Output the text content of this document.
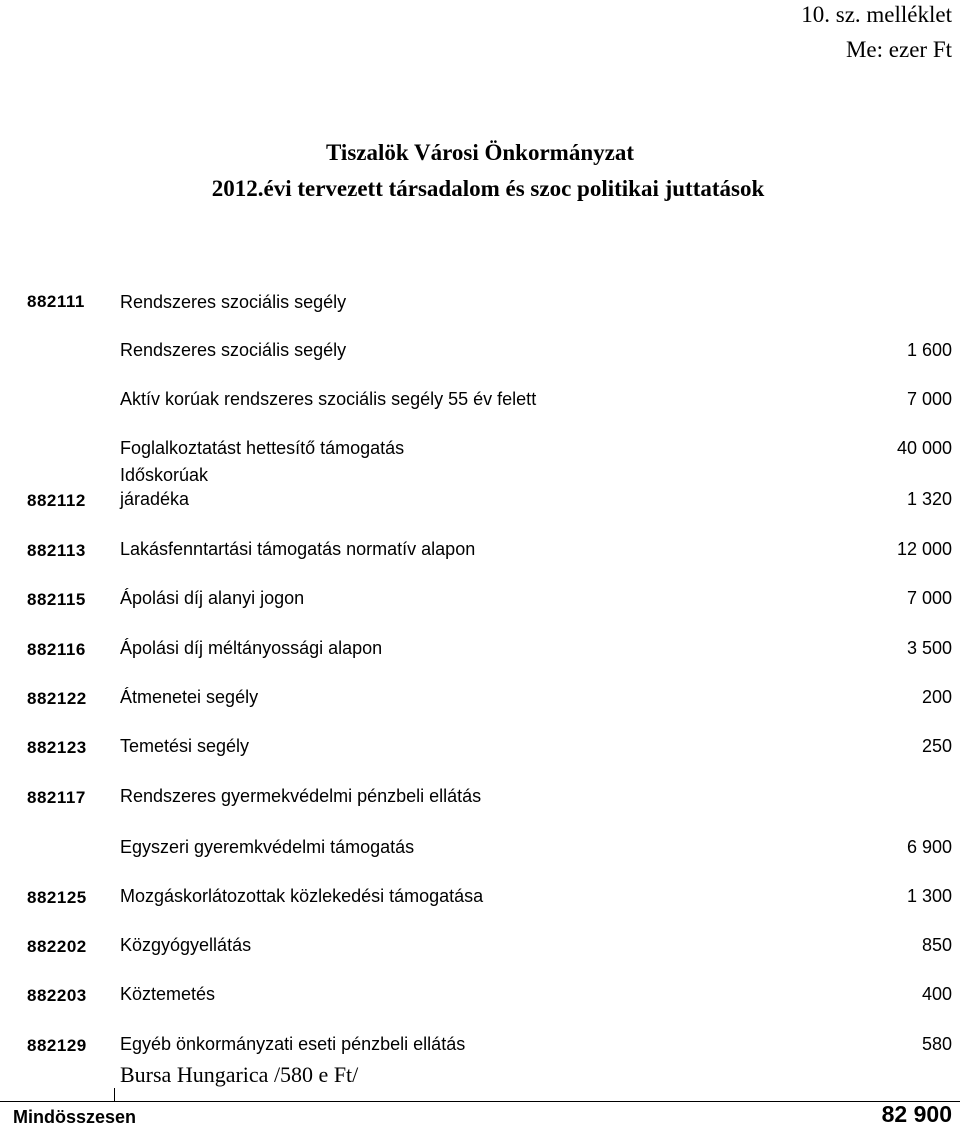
10. sz. melléklet
Me: ezer Ft
Tiszalök Városi Önkormányzat
2012.évi tervezett társadalom és szoc politikai juttatások
882111 Rendszeres szociális segély
Rendszeres szociális segély	1 600
Aktív korúak rendszeres szociális segély 55 év felett	7 000
Foglalkoztatást hettesítő támogatás	40 000
Időskorúak
882112 járadéka	1 320
882113 Lakásfenntartási támogatás normatív alapon	12 000
882115 Ápolási díj alanyi jogon	7 000
882116 Ápolási díj méltányossági alapon	3 500
882122 Átmenetei segély	200
882123 Temetési segély	250
882117 Rendszeres gyermekvédelmi pénzbeli ellátás
Egyszeri gyeremkvédelmi támogatás	6 900
882125 Mozgáskorlátozottak közlekedési támogatása	1 300
882202 Közgyógyellátás	850
882203 Köztemetés	400
882129 Egyéb önkormányzati eseti pénzbeli ellátás	580
Bursa Hungarica /580 e Ft/
Mindösszesen	82 900
